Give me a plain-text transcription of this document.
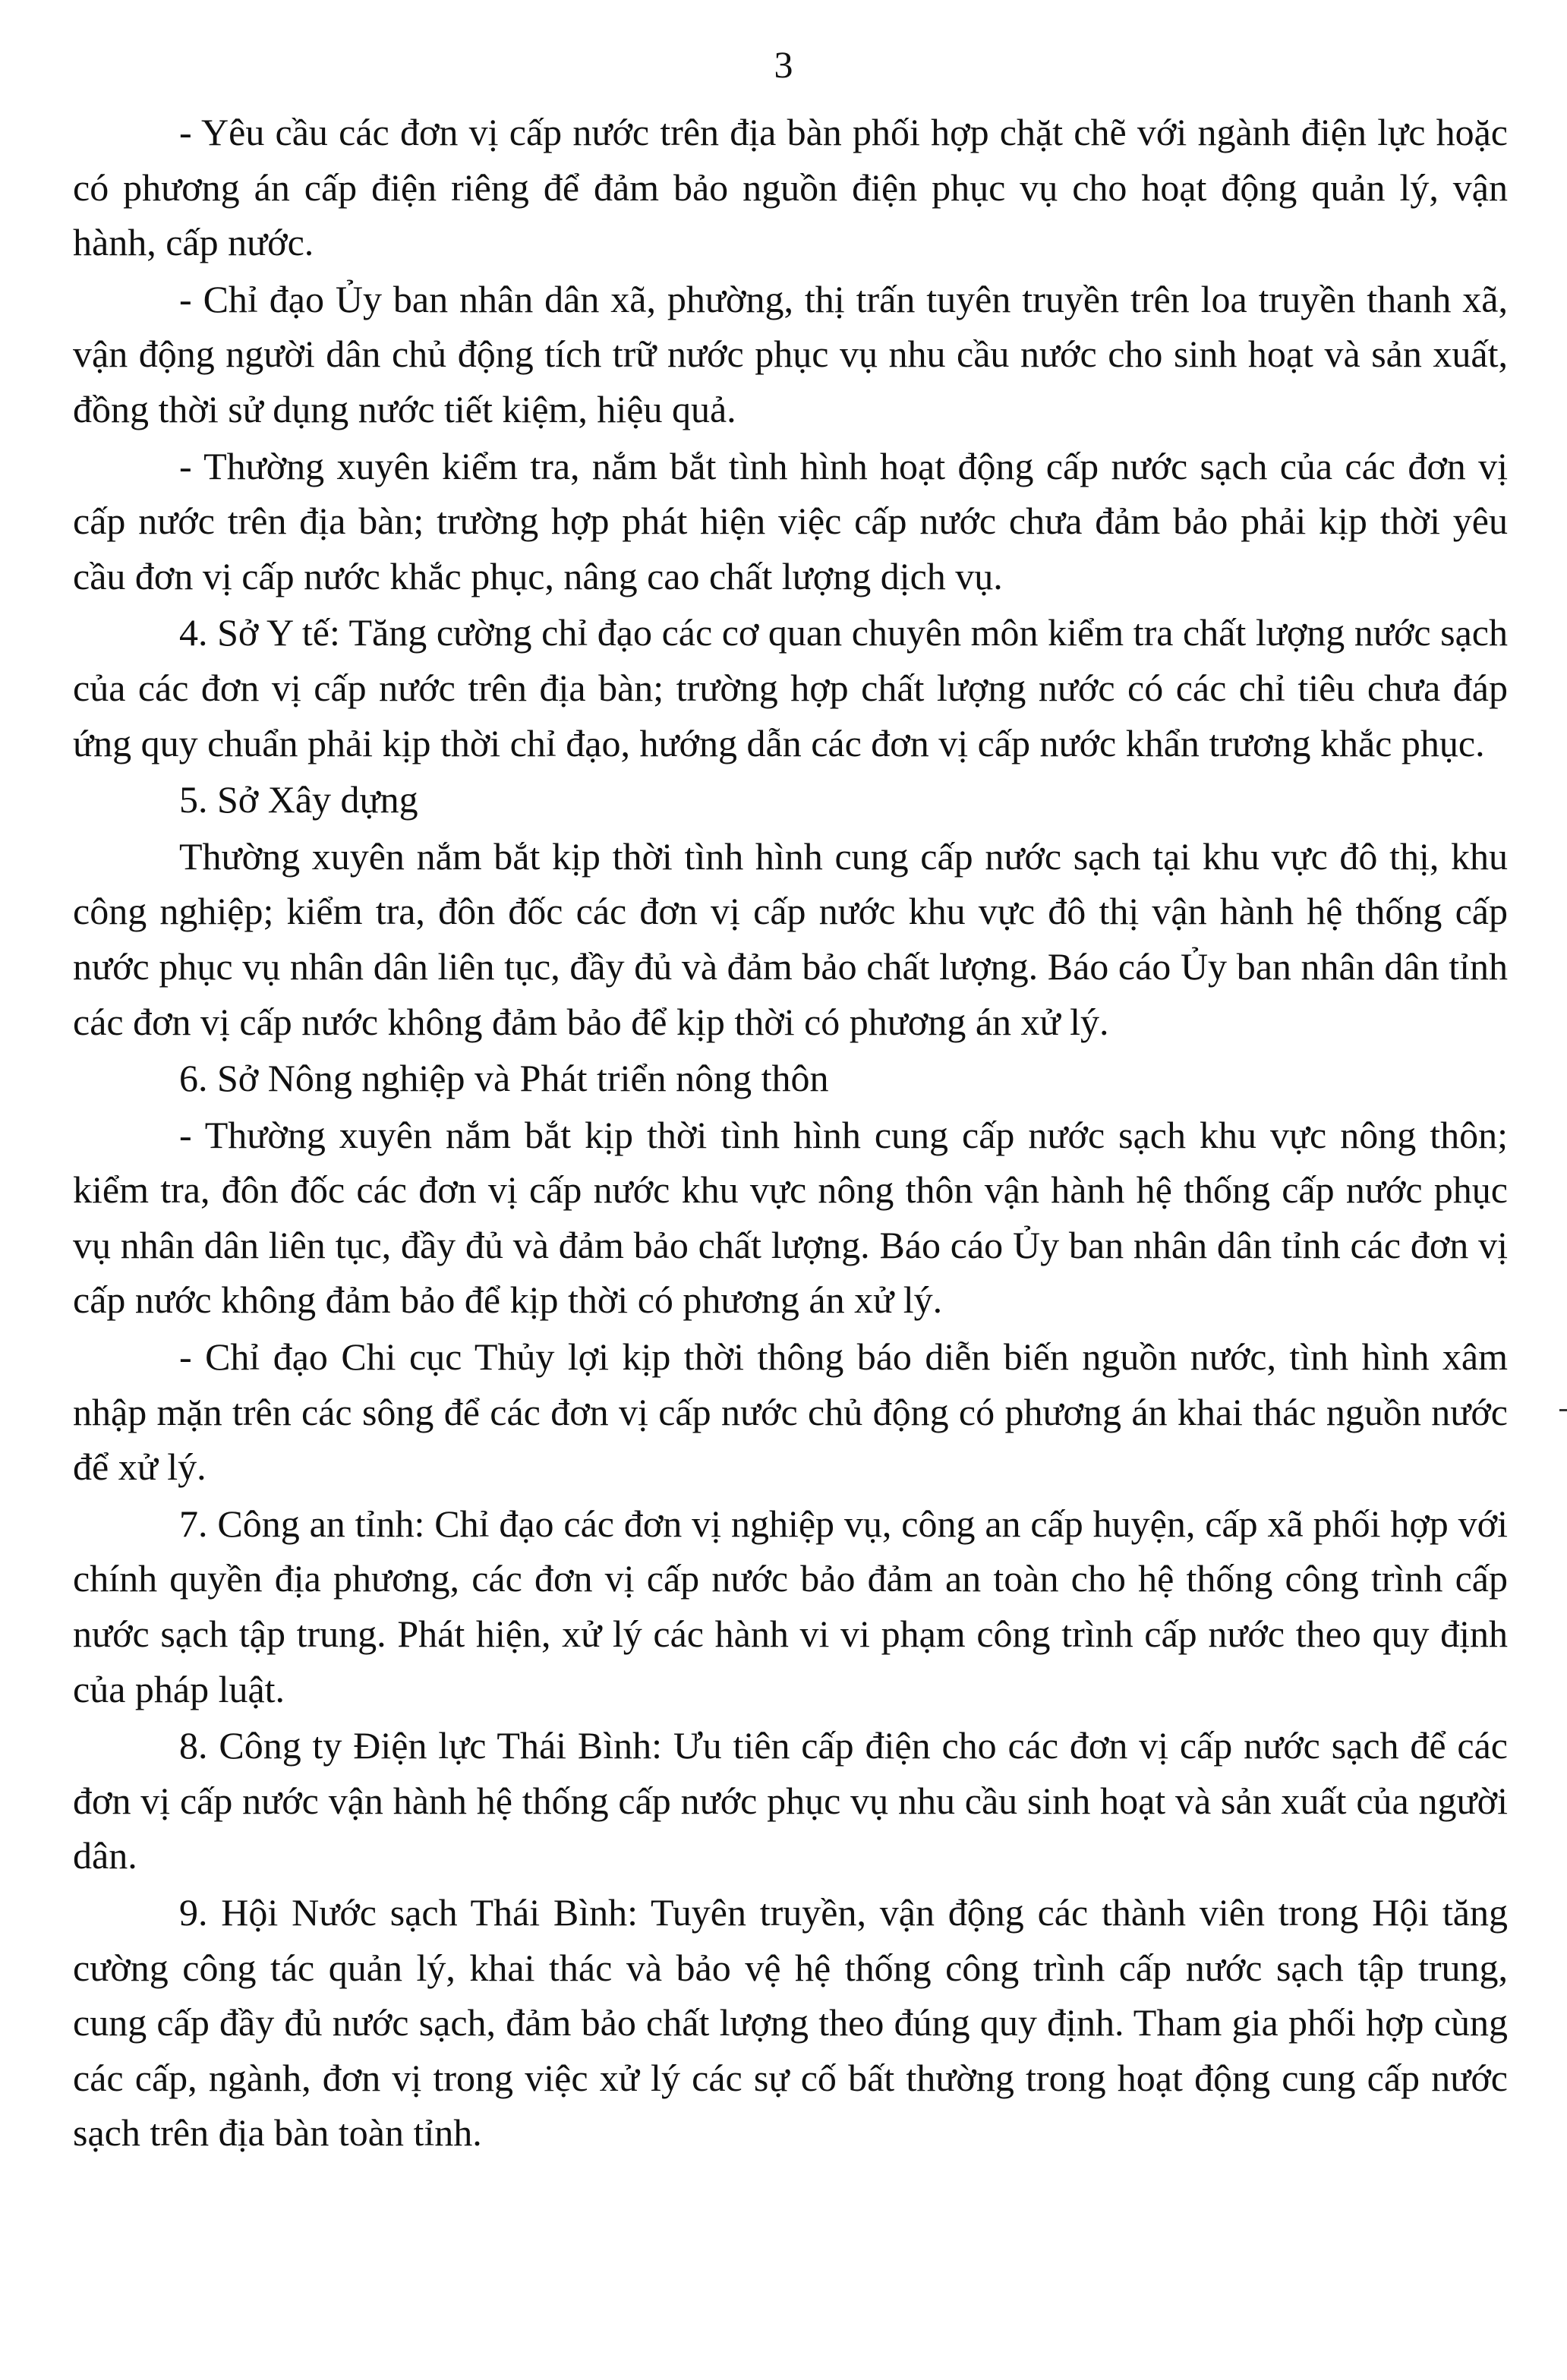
3

- Yêu cầu các đơn vị cấp nước trên địa bàn phối hợp chặt chẽ với ngành điện lực hoặc có phương án cấp điện riêng để đảm bảo nguồn điện phục vụ cho hoạt động quản lý, vận hành, cấp nước.

- Chỉ đạo Ủy ban nhân dân xã, phường, thị trấn tuyên truyền trên loa truyền thanh xã, vận động người dân chủ động tích trữ nước phục vụ nhu cầu nước cho sinh hoạt và sản xuất, đồng thời sử dụng nước tiết kiệm, hiệu quả.

- Thường xuyên kiểm tra, nắm bắt tình hình hoạt động cấp nước sạch của các đơn vị cấp nước trên địa bàn; trường hợp phát hiện việc cấp nước chưa đảm bảo phải kịp thời yêu cầu đơn vị cấp nước khắc phục, nâng cao chất lượng dịch vụ.

4. Sở Y tế: Tăng cường chỉ đạo các cơ quan chuyên môn kiểm tra chất lượng nước sạch của các đơn vị cấp nước trên địa bàn; trường hợp chất lượng nước có các chỉ tiêu chưa đáp ứng quy chuẩn phải kịp thời chỉ đạo, hướng dẫn các đơn vị cấp nước khẩn trương khắc phục.

5. Sở Xây dựng

Thường xuyên nắm bắt kịp thời tình hình cung cấp nước sạch tại khu vực đô thị, khu công nghiệp; kiểm tra, đôn đốc các đơn vị cấp nước khu vực đô thị vận hành hệ thống cấp nước phục vụ nhân dân liên tục, đầy đủ và đảm bảo chất lượng. Báo cáo Ủy ban nhân dân tỉnh các đơn vị cấp nước không đảm bảo để kịp thời có phương án xử lý.

6. Sở Nông nghiệp và Phát triển nông thôn

- Thường xuyên nắm bắt kịp thời tình hình cung cấp nước sạch khu vực nông thôn; kiểm tra, đôn đốc các đơn vị cấp nước khu vực nông thôn vận hành hệ thống cấp nước phục vụ nhân dân liên tục, đầy đủ và đảm bảo chất lượng. Báo cáo Ủy ban nhân dân tỉnh các đơn vị cấp nước không đảm bảo để kịp thời có phương án xử lý.

- Chỉ đạo Chi cục Thủy lợi kịp thời thông báo diễn biến nguồn nước, tình hình xâm nhập mặn trên các sông để các đơn vị cấp nước chủ động có phương án khai thác nguồn nước để xử lý.

7. Công an tỉnh: Chỉ đạo các đơn vị nghiệp vụ, công an cấp huyện, cấp xã phối hợp với chính quyền địa phương, các đơn vị cấp nước bảo đảm an toàn cho hệ thống công trình cấp nước sạch tập trung. Phát hiện, xử lý các hành vi vi phạm công trình cấp nước theo quy định của pháp luật.

8. Công ty Điện lực Thái Bình: Ưu tiên cấp điện cho các đơn vị cấp nước sạch để các đơn vị cấp nước vận hành hệ thống cấp nước phục vụ nhu cầu sinh hoạt và sản xuất của người dân.

9. Hội Nước sạch Thái Bình: Tuyên truyền, vận động các thành viên trong Hội tăng cường công tác quản lý, khai thác và bảo vệ hệ thống công trình cấp nước sạch tập trung, cung cấp đầy đủ nước sạch, đảm bảo chất lượng theo đúng quy định. Tham gia phối hợp cùng các cấp, ngành, đơn vị trong việc xử lý các sự cố bất thường trong hoạt động cung cấp nước sạch trên địa bàn toàn tỉnh.
